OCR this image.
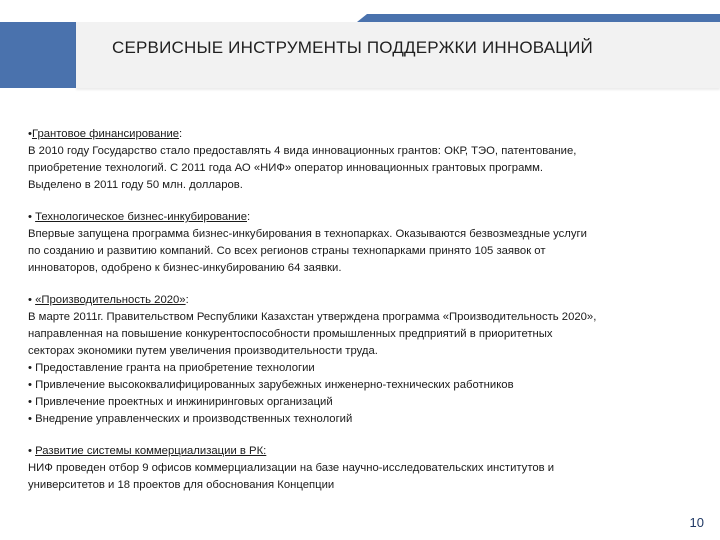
СЕРВИСНЫЕ ИНСТРУМЕНТЫ ПОДДЕРЖКИ ИННОВАЦИЙ
•Грантовое финансирование:
В 2010 году Государство стало предоставлять 4 вида инновационных грантов: ОКР, ТЭО, патентование,
приобретение технологий. С 2011 года АО «НИФ» оператор инновационных грантовых программ.
Выделено в 2011 году 50 млн. долларов.
• Технологическое бизнес-инкубирование:
Впервые запущена программа бизнес-инкубирования в технопарках. Оказываются безвозмездные услуги
по созданию и развитию компаний. Со всех регионов страны технопарками принято 105 заявок от
инноваторов, одобрено к бизнес-инкубированию 64 заявки.
• «Производительность 2020»:
В марте 2011г. Правительством Республики Казахстан утверждена программа «Производительность 2020»,
направленная на повышение конкурентоспособности промышленных предприятий в приоритетных
секторах экономики путем увеличения производительности труда.
• Предоставление гранта на приобретение технологии
• Привлечение высококвалифицированных зарубежных инженерно-технических работников
• Привлечение проектных и инжиниринговых организаций
• Внедрение управленческих и производственных технологий
• Развитие системы коммерциализации в РК:
НИФ проведен отбор 9 офисов коммерциализации на базе научно-исследовательских институтов и
университетов и 18 проектов для обоснования Концепции
10
